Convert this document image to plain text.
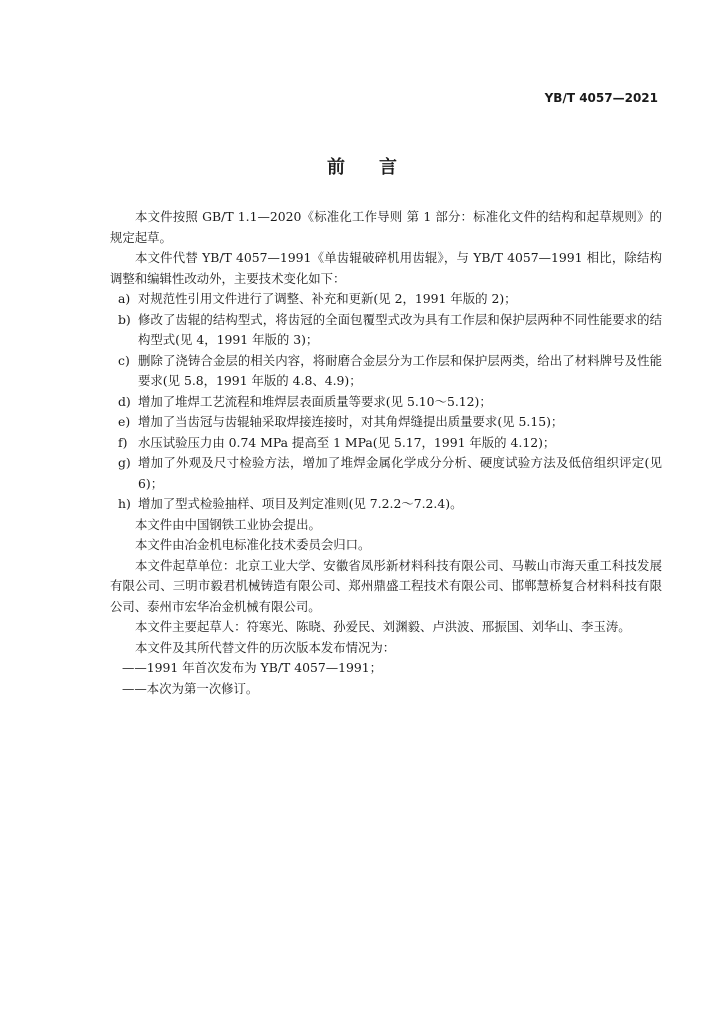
YB/T 4057—2021
前 言

本文件按照 GB/T 1.1—2020《标准化工作导则 第 1 部分：标准化文件的结构和起草规则》的规定起草。

本文件代替 YB/T 4057—1991《单齿辊破碎机用齿辊》，与 YB/T 4057—1991 相比，除结构调整和编辑性改动外，主要技术变化如下：

a) 对规范性引用文件进行了调整、补充和更新(见 2，1991 年版的 2)；

b) 修改了齿辊的结构型式，将齿冠的全面包覆型式改为具有工作层和保护层两种不同性能要求的结构型式(见 4，1991 年版的 3)；

c) 删除了浇铸合金层的相关内容，将耐磨合金层分为工作层和保护层两类，给出了材料牌号及性能要求(见 5.8，1991 年版的 4.8、4.9)；

d) 增加了堆焊工艺流程和堆焊层表面质量等要求(见 5.10～5.12)；

e) 增加了当齿冠与齿辊轴采取焊接连接时，对其角焊缝提出质量要求(见 5.15)；

f) 水压试验压力由 0.74 MPa 提高至 1 MPa(见 5.17，1991 年版的 4.12)；

g) 增加了外观及尺寸检验方法，增加了堆焊金属化学成分分析、硬度试验方法及低倍组织评定(见 6)；

h) 增加了型式检验抽样、项目及判定准则(见 7.2.2～7.2.4)。

本文件由中国钢铁工业协会提出。

本文件由冶金机电标准化技术委员会归口。

本文件起草单位：北京工业大学、安徽省凤彤新材料科技有限公司、马鞍山市海天重工科技发展有限公司、三明市毅君机械铸造有限公司、郑州鼎盛工程技术有限公司、邯郸慧桥复合材料科技有限公司、泰州市宏华冶金机械有限公司。

本文件主要起草人：符寒光、陈晓、孙爱民、刘渊毅、卢洪波、邢振国、刘华山、李玉涛。

本文件及其所代替文件的历次版本发布情况为：

——1991 年首次发布为 YB/T 4057—1991；

——本次为第一次修订。
